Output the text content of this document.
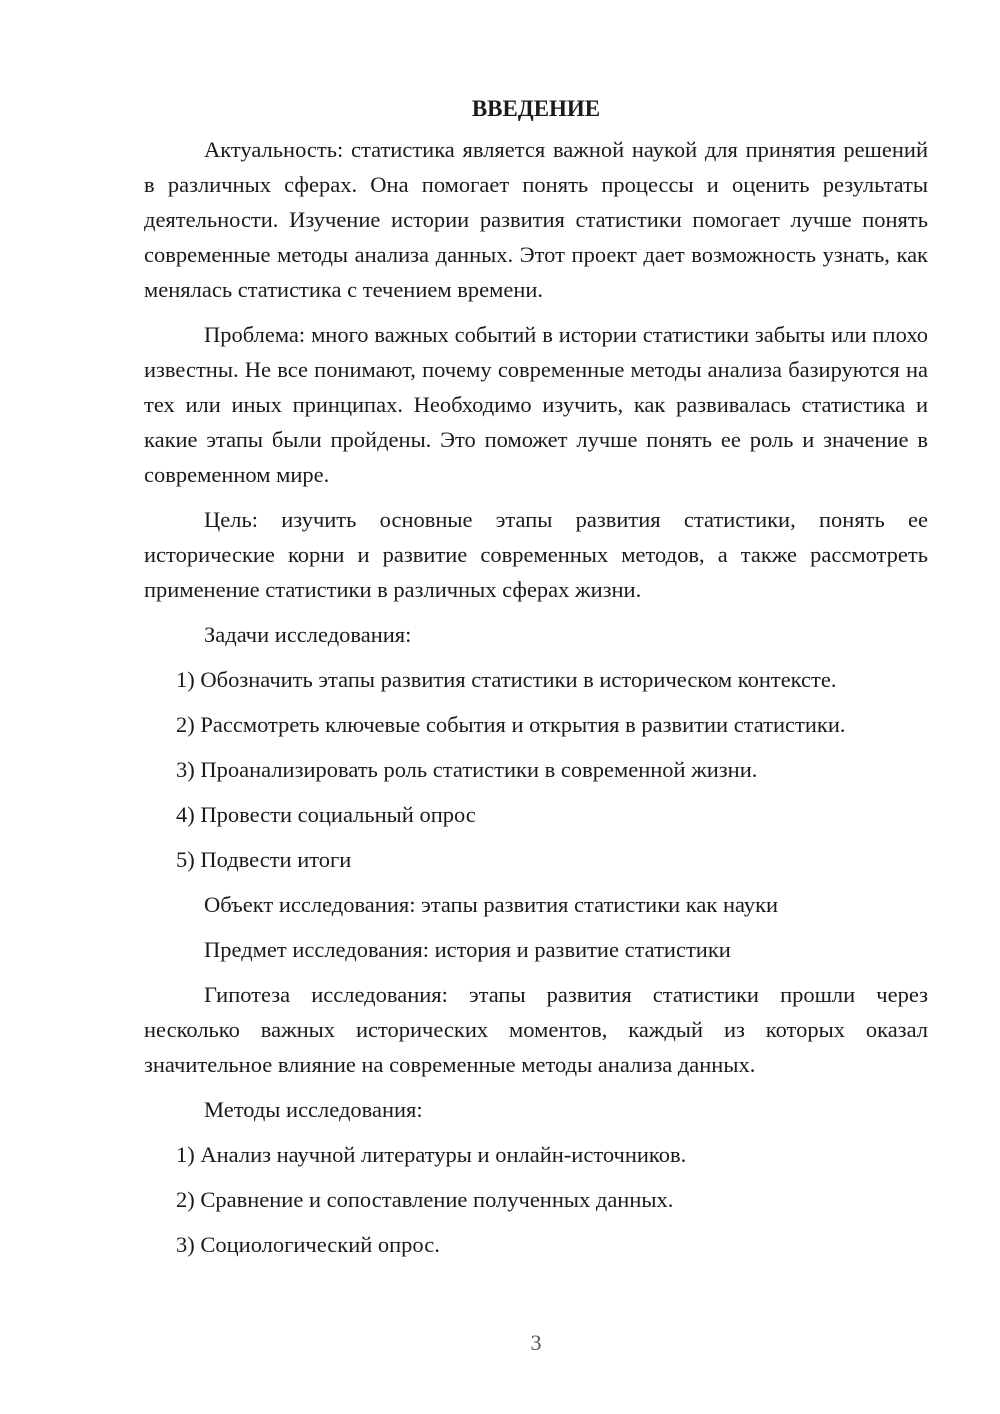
ВВЕДЕНИЕ

Актуальность: статистика является важной наукой для принятия решений в различных сферах. Она помогает понять процессы и оценить результаты деятельности. Изучение истории развития статистики помогает лучше понять современные методы анализа данных. Этот проект дает возможность узнать, как менялась статистика с течением времени.

Проблема: много важных событий в истории статистики забыты или плохо известны. Не все понимают, почему современные методы анализа базируются на тех или иных принципах. Необходимо изучить, как развивалась статистика и какие этапы были пройдены. Это поможет лучше понять ее роль и значение в современном мире.

Цель: изучить основные этапы развития статистики, понять ее исторические корни и развитие современных методов, а также рассмотреть применение статистики в различных сферах жизни.

Задачи исследования:

1) Обозначить этапы развития статистики в историческом контексте.

2) Рассмотреть ключевые события и открытия в развитии статистики.

3) Проанализировать роль статистики в современной жизни.

4) Провести социальный опрос

5) Подвести итоги

Объект исследования: этапы развития статистики как науки

Предмет исследования: история и развитие статистики

Гипотеза исследования: этапы развития статистики прошли через несколько важных исторических моментов, каждый из которых оказал значительное влияние на современные методы анализа данных.

Методы исследования:

1) Анализ научной литературы и онлайн-источников.

2) Сравнение и сопоставление полученных данных.

3) Социологический опрос.

3
